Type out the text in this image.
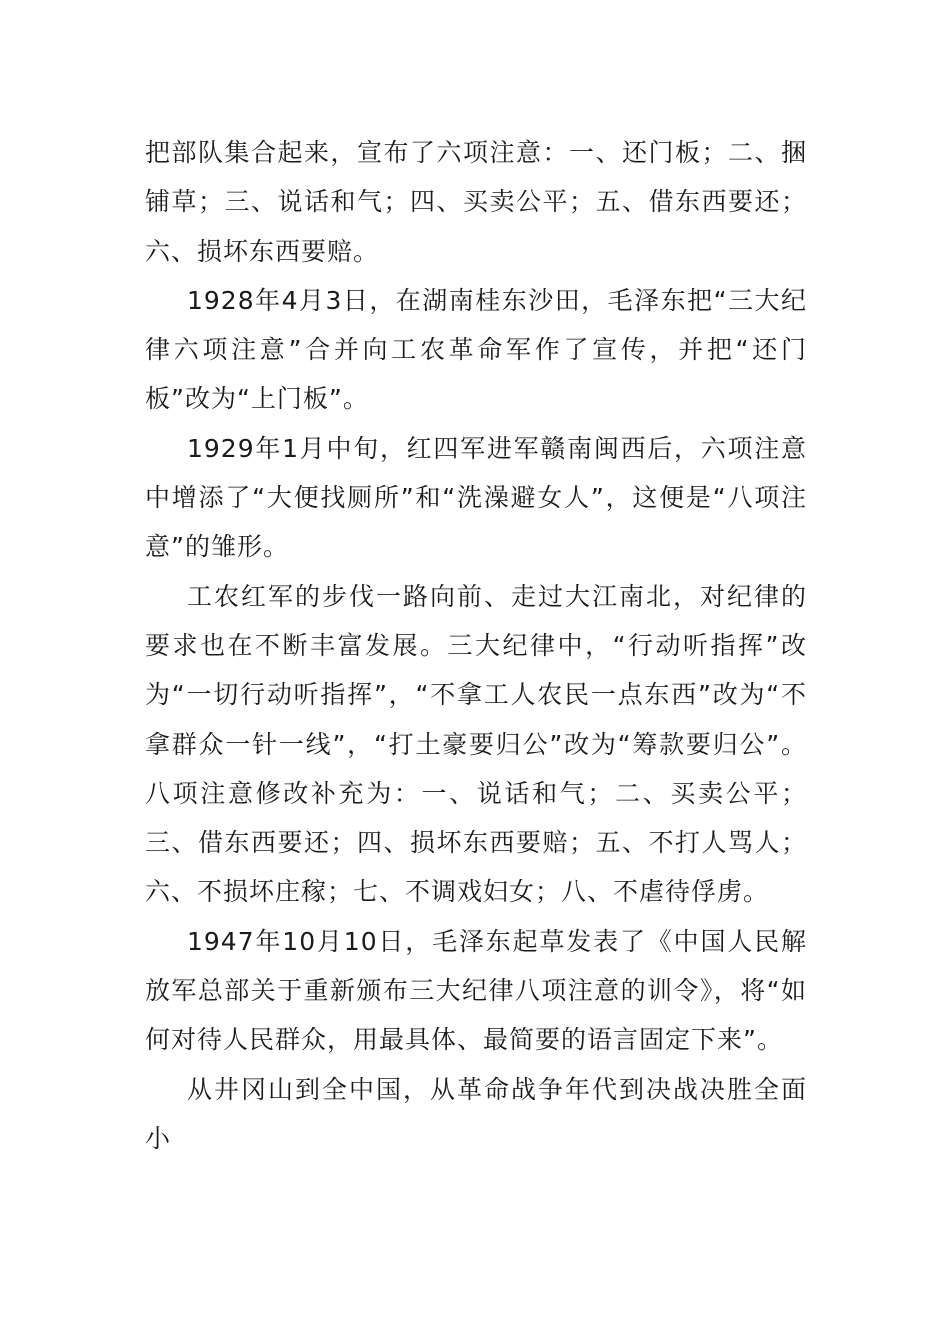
把部队集合起来，宣布了六项注意：一、还门板；二、捆铺草；三、说话和气；四、买卖公平；五、借东西要还；六、损坏东西要赔。

1928年4月3日，在湖南桂东沙田，毛泽东把“三大纪律六项注意”合并向工农革命军作了宣传，并把“还门板”改为“上门板”。

1929年1月中旬，红四军进军赣南闽西后，六项注意中增添了“大便找厕所”和“洗澡避女人”，这便是“八项注意”的雏形。

工农红军的步伐一路向前、走过大江南北，对纪律的要求也在不断丰富发展。三大纪律中，“行动听指挥”改为“一切行动听指挥”，“不拿工人农民一点东西”改为“不拿群众一针一线”，“打土豪要归公”改为“筹款要归公”。八项注意修改补充为：一、说话和气；二、买卖公平；三、借东西要还；四、损坏东西要赔；五、不打人骂人；六、不损坏庄稼；七、不调戏妇女；八、不虐待俘虏。

1947年10月10日，毛泽东起草发表了《中国人民解放军总部关于重新颁布三大纪律八项注意的训令》，将“如何对待人民群众，用最具体、最简要的语言固定下来”。

从井冈山到全中国，从革命战争年代到决战决胜全面小
